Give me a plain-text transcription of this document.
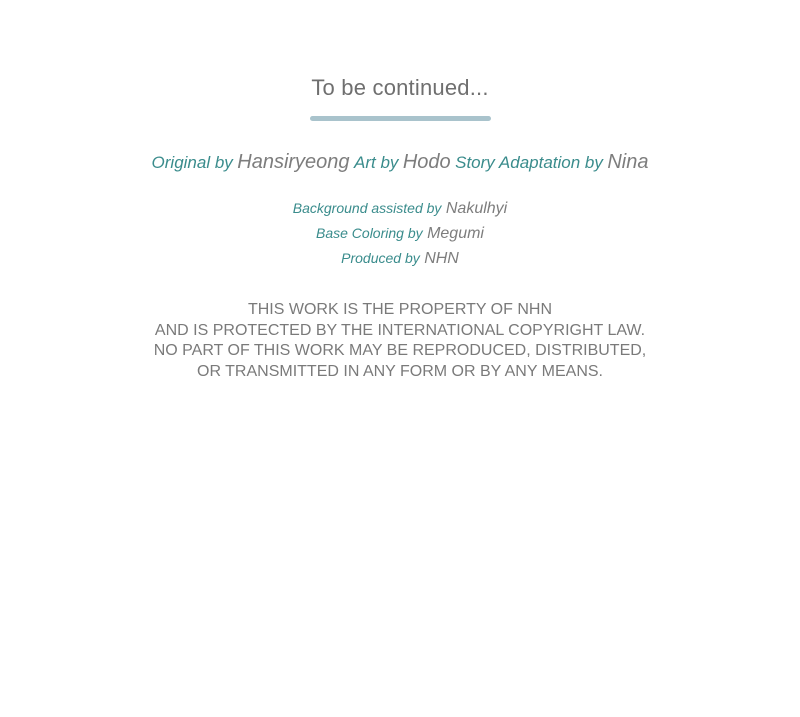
To be continued...
Original by Hansiryeong Art by Hodo Story Adaptation by Nina
Background assisted by Nakulhyi
Base Coloring by Megumi
Produced by NHN
THIS WORK IS THE PROPERTY OF NHN
AND IS PROTECTED BY THE INTERNATIONAL COPYRIGHT LAW.
NO PART OF THIS WORK MAY BE REPRODUCED, DISTRIBUTED,
OR TRANSMITTED IN ANY FORM OR BY ANY MEANS.
